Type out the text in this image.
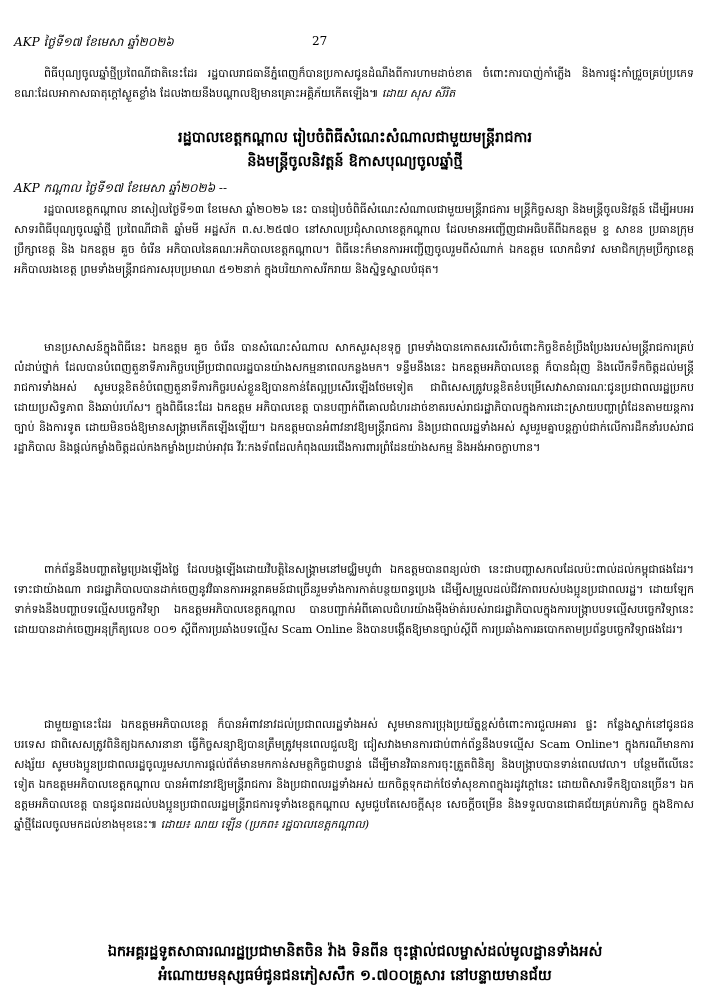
AKP ថ្ងៃទី១៧ ខែមេសា ឆ្នាំ២០២៦	27

ពិធីបុណ្យចូលឆ្នាំថ្មីប្រពៃណីជាតិនេះដែរ រដ្ឋបាលរាជធានីភ្នំពេញក៏បានប្រកាសជូនដំណឹងពីការហាមដាច់ខាត ចំពោះការបាញ់កាំភ្លើង និងការផ្ទុះកាំជ្រួចគ្រប់ប្រភេទ ខណៈដែលអាកាសធាតុក្តៅស្ងួតខ្លាំង ដែលងាយនឹងបណ្តាលឱ្យមានគ្រោះអគ្គិភ័យកើតឡើង៕ ដោយ សុស សីរិត

រដ្ឋបាលខេត្តកណ្តាល រៀបចំពិធីសំណេះសំណាលជាមួយមន្ត្រីរាជការ
និងមន្ត្រីចូលនិវត្តន៍ ឱកាសបុណ្យចូលឆ្នាំថ្មី

AKP កណ្តាល ថ្ងៃទី១៧ ខែមេសា ឆ្នាំ២០២៦ --

រដ្ឋបាលខេត្តកណ្តាល នាសៀលថ្ងៃទី១៣ ខែមេសា ឆ្នាំ២០២៦ នេះ បានរៀបចំពិធីសំណេះសំណាលជាមួយមន្ត្រីរាជការ មន្ត្រីកិច្ចសន្យា និងមន្ត្រីចូលនិវត្តន៍ ដើម្បីអបអរសាទរពិធីបុណ្យចូលឆ្នាំថ្មី ប្រពៃណីជាតិ ឆ្នាំមមី អដ្ឋស័ក ព.ស.២៥៧០ នៅសាលប្រជុំសាលាខេត្តកណ្តាល ដែលមានអញ្ជើញជាអធិបតីពីឯកឧត្តម ខ្ទ សាខន ប្រធានក្រុមប្រឹក្សាខេត្ត និង ឯកឧត្តម គួច ចំរើន អភិបាលនៃគណៈអភិបាលខេត្តកណ្តាល។ ពិធីនេះក៏មានការអញ្ជើញចូលរួមពីសំណាក់ ឯកឧត្តម លោកជំទាវ សមាជិកក្រុមប្រឹក្សាខេត្ត អភិបាលរងខេត្ត ព្រមទាំងមន្ត្រីរាជការសរុបប្រមាណ ៥១២នាក់ ក្នុងបរិយាកាសរីករាយ និងស្និទ្ធស្នាលបំផុត។

មានប្រសាសន៍ក្នុងពិធីនេះ ឯកឧត្តម គួច ចំរើន បានសំណេះសំណាល សាកសួរសុខទុក្ខ ព្រមទាំងបានកោតសរសើរចំពោះកិច្ចខិតខំប្រឹងប្រែងរបស់មន្ត្រីរាជការគ្រប់លំដាប់ថ្នាក់ ដែលបានបំពេញតួនាទីភារកិច្ចបម្រើប្រជាពលរដ្ឋបានយ៉ាងសកម្មនាពេលកន្លងមក។ ទន្ទឹមនឹងនេះ ឯកឧត្តមអភិបាលខេត្ត ក៏បានជំរុញ និងលើកទឹកចិត្តដល់មន្ត្រីរាជការទាំងអស់ សូមបន្តខិតខំបំពេញតួនាទីភារកិច្ចរបស់ខ្លួនឱ្យបានកាន់តែល្អប្រសើរឡើងថែមទៀត ជាពិសេសត្រូវបន្តខិតខំបម្រើសេវាសាធារណៈជូនប្រជាពលរដ្ឋប្រកប ដោយប្រសិទ្ធភាព និងឆាប់រហ័ស។ ក្នុងពិធីនេះដែរ ឯកឧត្តម អភិបាលខេត្ត បានបញ្ជាក់ពីគោលជំហរដាច់ខាតរបស់រាជរដ្ឋាភិបាលក្នុងការដោះស្រាយបញ្ហាព្រំដែនតាមយន្តការច្បាប់ និងការទូត ដោយមិនចង់ឱ្យមានសង្គ្រាមកើតឡើងឡើយ។ ឯកឧត្តមបានអំពាវនាវឱ្យមន្ត្រីរាជការ និងប្រជាពលរដ្ឋទាំងអស់ សូមរួមគ្នាបន្តភ្ជាប់ជាក់លើការដឹកនាំរបស់រាជរដ្ឋាភិបាល និងផ្តល់កម្លាំងចិត្តដល់កងកម្លាំងប្រដាប់អាវុធ វីរៈកងទ័ពដែលកំពុងឈរជើងការពារព្រំដែនយ៉ាងសកម្ម និងអង់អាចក្លាហាន។

ពាក់ព័ន្ធនឹងបញ្ហាតម្លៃប្រេងឡើងថ្លៃ ដែលបង្កឡើងដោយវិបត្តិនៃសង្គ្រាមនៅមជ្ឈិមបូព៌ា ឯកឧត្តមបានពន្យល់ថា នេះជាបញ្ហាសកលដែលប៉ះពាល់ដល់កម្ពុជាផងដែរ។ ទោះជាយ៉ាងណា រាជរដ្ឋាភិបាលបានដាក់ចេញនូវវិធានការអន្តរាគមន៍ជាច្រើនរួមទាំងការកាត់បន្ថយពន្ធប្រេង ដើម្បីសម្រួលដល់ជីវភាពរបស់បងប្អូនប្រជាពលរដ្ឋ។ ដោយឡែកទាក់ទងនឹងបញ្ហាបទល្មើសបច្ចេកវិទ្យា ឯកឧត្តមអភិបាលខេត្តកណ្តាល បានបញ្ជាក់អំពីគោលជំហរយ៉ាងម៉ឺងម៉ាត់របស់រាជរដ្ឋាភិបាលក្នុងការបង្ក្រាបបទល្មើសបច្ចេកវិទ្យានេះ ដោយបានដាក់ចេញអនុក្រឹត្យលេខ ០០១ ស្តីពីការប្រឆាំងបទល្មើស Scam Online និងបានបង្កើតឱ្យមានច្បាប់ស្តីពី ការប្រឆាំងការឆបោកតាមប្រព័ន្ធបច្ចេកវិទ្យាផងដែរ។

ជាមួយគ្នានេះដែរ ឯកឧត្តមអភិបាលខេត្ត ក៏បានអំពាវនាវដល់ប្រជាពលរដ្ឋទាំងអស់ សូមមានការប្រុងប្រយ័ត្នខ្ពស់ចំពោះការជួលអគារ ផ្ទះ កន្លែងស្នាក់នៅជូនជនបរទេស ជាពិសេសត្រូវពិនិត្យឯកសារនានា ធ្វើកិច្ចសន្យាឱ្យបានត្រឹមត្រូវមុនពេលជួលឱ្យ ជៀសវាងមានការជាប់ពាក់ព័ន្ធនឹងបទល្មើស Scam Online។ ក្នុងករណីមានការសង្ស័យ សូមបងប្អូនប្រជាពលរដ្ឋចូលរួមសហការផ្តល់ព័ត៌មានមកកាន់សមត្ថកិច្ចជាបន្ទាន់ ដើម្បីមានវិធានការចុះត្រួតពិនិត្យ និងបង្ក្រាបបានទាន់ពេលវេលា។ បន្ថែមពីលើនេះទៀត ឯកឧត្តមអភិបាលខេត្តកណ្តាល បានអំពាវនាវឱ្យមន្ត្រីរាជការ និងប្រជាពលរដ្ឋទាំងអស់ យកចិត្តទុកដាក់ថែទាំសុខភាពក្នុងរដូវក្តៅនេះ ដោយពិសារទឹកឱ្យបានច្រើន។ ឯកឧត្តមអភិបាលខេត្ត បានជូនពរដល់បងប្អូនប្រជាពលរដ្ឋមន្ត្រីរាជការទូទាំងខេត្តកណ្តាល សូមជួបតែសេចក្តីសុខ សេចក្តីចម្រើន និងទទួលបានជោគជ័យគ្រប់ភារកិច្ច ក្នុងឱកាសឆ្នាំថ្មីដែលចូលមកដល់ខាងមុខនេះ៕ ដោយ៖ ណយ ឡេីន (ប្រភព៖ រដ្ឋបាលខេត្តកណ្តាល)

ឯកអគ្គរដ្ឋទូតសាធារណរដ្ឋប្រជាមានិតចិន វ៉ាង ទិនពីន ចុះផ្តាល់ជលម្ចាស់ដល់មូលដ្ឋានទាំងអស់
អំណោយមនុស្សធម៌ជូនជនភៀសសឹក ១.៧០០គ្រួសារ នៅបន្ទាយមានជ័យ
